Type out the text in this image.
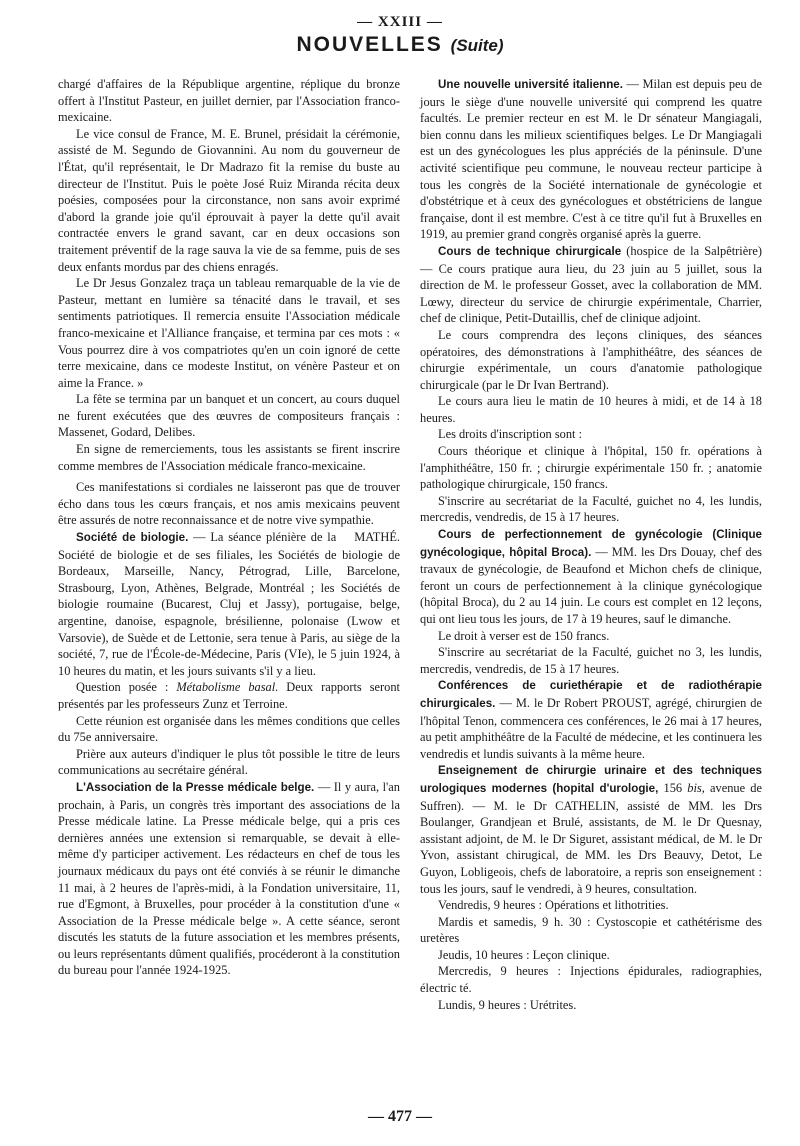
— XXIII —
NOUVELLES (Suite)

chargé d'affaires de la République argentine, réplique du bronze offert à l'Institut Pasteur, en juillet dernier, par l'Association franco-mexicaine.

Le vice consul de France, M. E. Brunel, présidait la cérémonie, assisté de M. Segundo de Giovannini. Au nom du gouverneur de l'État, qu'il représentait, le Dr Madrazo fit la remise du buste au directeur de l'Institut. Puis le poète José Ruiz Miranda récita deux poésies, composées pour la circonstance, non sans avoir exprimé d'abord la grande joie qu'il éprouvait à payer la dette qu'il avait contractée envers le grand savant, car en deux occasions son traitement préventif de la rage sauva la vie de sa femme, puis de ses deux enfants mordus par des chiens enragés.

Le Dr Jesus Gonzalez traça un tableau remarquable de la vie de Pasteur, mettant en lumière sa ténacité dans le travail, et ses sentiments patriotiques. Il remercia ensuite l'Association médicale franco-mexicaine et l'Alliance française, et termina par ces mots : « Vous pourrez dire à vos compatriotes qu'en un coin ignoré de cette terre mexicaine, dans ce modeste Institut, on vénère Pasteur et on aime la France. »

La fête se termina par un banquet et un concert, au cours duquel ne furent exécutées que des œuvres de compositeurs français : Massenet, Godard, Delibes.

En signe de remerciements, tous les assistants se firent inscrire comme membres de l'Association médicale franco-mexicaine.

Ces manifestations si cordiales ne laisseront pas que de trouver écho dans tous les cœurs français, et nos amis mexicains peuvent être assurés de notre reconnaissance et de notre vive sympathie.
MATHÉ.

Société de biologie. — La séance plénière de la Société de biologie et de ses filiales, les Sociétés de biologie de Bordeaux, Marseille, Nancy, Pétrograd, Lille, Barcelone, Strasbourg, Lyon, Athènes, Belgrade, Montréal ; les Sociétés de biologie roumaine (Bucarest, Cluj et Jassy), portugaise, belge, argentine, danoise, espagnole, brésilienne, polonaise (Lwow et Varsovie), de Suède et de Lettonie, sera tenue à Paris, au siège de la société, 7, rue de l'École-de-Médecine, Paris (VIe), le 5 juin 1924, à 10 heures du matin, et les jours suivants s'il y a lieu.

Question posée : Métabolisme basal. Deux rapports seront présentés par les professeurs Zunz et Terroine.

Cette réunion est organisée dans les mêmes conditions que celles du 75e anniversaire.

Prière aux auteurs d'indiquer le plus tôt possible le titre de leurs communications au secrétaire général.

L'Association de la Presse médicale belge. — Il y aura, l'an prochain, à Paris, un congrès très important des associations de la Presse médicale latine. La Presse médicale belge, qui a pris ces dernières années une extension si remarquable, se devait à elle-même d'y participer activement. Les rédacteurs en chef de tous les journaux médicaux du pays ont été conviés à se réunir le dimanche 11 mai, à 2 heures de l'après-midi, à la Fondation universitaire, 11, rue d'Egmont, à Bruxelles, pour procéder à la constitution d'une « Association de la Presse médicale belge ». A cette séance, seront discutés les statuts de la future association et les membres présents, ou leurs représentants dûment qualifiés, procéderont à la constitution du bureau pour l'année 1924-1925.

Une nouvelle université italienne. — Milan est depuis peu de jours le siège d'une nouvelle université qui comprend les quatre facultés. Le premier recteur en est M. le Dr sénateur Mangiagali, bien connu dans les milieux scientifiques belges. Le Dr Mangiagali est un des gynécologues les plus appréciés de la péninsule. D'une activité scientifique peu commune, le nouveau recteur participe à tous les congrès de la Société internationale de gynécologie et d'obstétrique et à ceux des gynécologues et obstétriciens de langue française, dont il est membre. C'est à ce titre qu'il fut à Bruxelles en 1919, au premier grand congrès organisé après la guerre.

Cours de technique chirurgicale (hospice de la Salpêtrière) — Ce cours pratique aura lieu, du 23 juin au 5 juillet, sous la direction de M. le professeur Gosset, avec la collaboration de MM. Lœwy, directeur du service de chirurgie expérimentale, Charrier, chef de clinique, Petit-Dutaillis, chef de clinique adjoint.

Le cours comprendra des leçons cliniques, des séances opératoires, des démonstrations à l'amphithéâtre, des séances de chirurgie expérimentale, un cours d'anatomie pathologique chirurgicale (par le Dr Ivan Bertrand).

Le cours aura lieu le matin de 10 heures à midi, et de 14 à 18 heures.

Les droits d'inscription sont :

Cours théorique et clinique à l'hôpital, 150 fr. opérations à l'amphithéâtre, 150 fr. ; chirurgie expérimentale 150 fr. ; anatomie pathologique chirurgicale, 150 francs.

S'inscrire au secrétariat de la Faculté, guichet no 4, les lundis, mercredis, vendredis, de 15 à 17 heures.

Cours de perfectionnement de gynécologie (Clinique gynécologique, hôpital Broca). — MM. les Drs Douay, chef des travaux de gynécologie, de Beaufond et Michon chefs de clinique, feront un cours de perfectionnement à la clinique gynécologique (hôpital Broca), du 2 au 14 juin. Le cours est complet en 12 leçons, qui ont lieu tous les jours, de 17 à 19 heures, sauf le dimanche.

Le droit à verser est de 150 francs.

S'inscrire au secrétariat de la Faculté, guichet no 3, les lundis, mercredis, vendredis, de 15 à 17 heures.

Conférences de curiethérapie et de radiothérapie chirurgicales. — M. le Dr Robert PROUST, agrégé, chirurgien de l'hôpital Tenon, commencera ces conférences, le 26 mai à 17 heures, au petit amphithéâtre de la Faculté de médecine, et les continuera les vendredis et lundis suivants à la même heure.

Enseignement de chirurgie urinaire et des techniques urologiques modernes (hopital d'urologie, 156 bis, avenue de Suffren). — M. le Dr CATHELIN, assisté de MM. les Drs Boulanger, Grandjean et Brulé, assistants, de M. le Dr Quesnay, assistant adjoint, de M. le Dr Siguret, assistant médical, de M. le Dr Yvon, assistant chirugical, de MM. les Drs Beauvy, Detot, Le Guyon, Lobligeois, chefs de laboratoire, a repris son enseignement : tous les jours, sauf le vendredi, à 9 heures, consultation.

Vendredis, 9 heures : Opérations et lithotrities.

Mardis et samedis, 9 h. 30 : Cystoscopie et cathétérisme des uretères

Jeudis, 10 heures : Leçon clinique.

Mercredis, 9 heures : Injections épidurales, radiographies, électric té.

Lundis, 9 heures : Urétrites.

— 477 —
